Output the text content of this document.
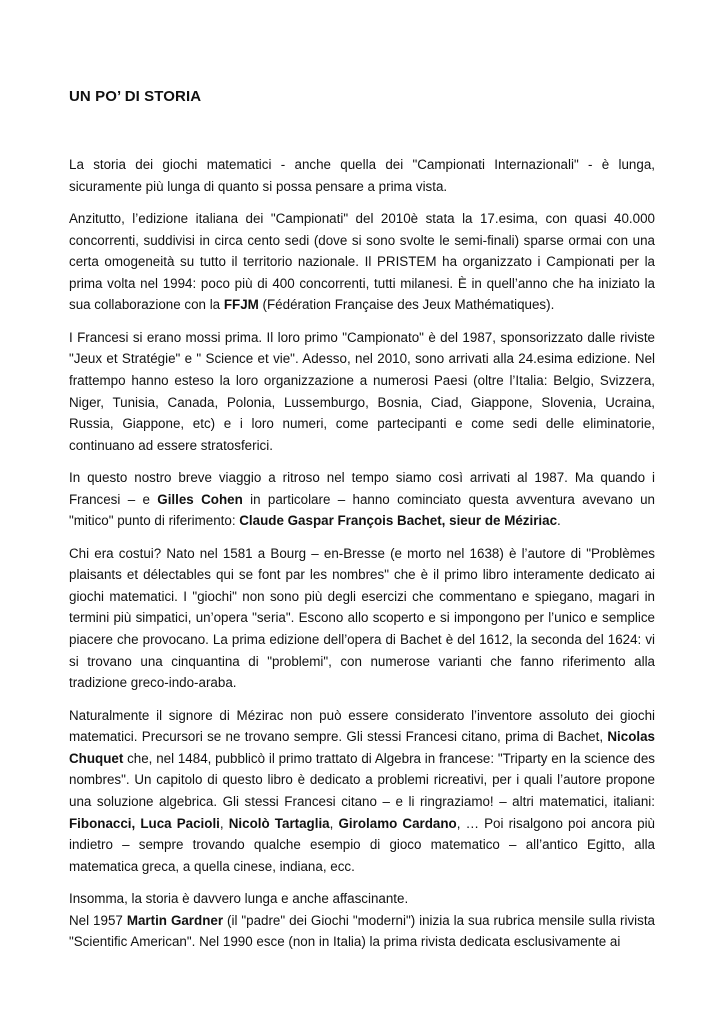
UN PO’ DI STORIA

La storia dei giochi matematici - anche quella dei "Campionati Internazionali" - è lunga, sicuramente più lunga di quanto si possa pensare a prima vista.

Anzitutto, l’edizione italiana dei "Campionati" del 2010è stata la 17.esima, con quasi 40.000 concorrenti, suddivisi in circa cento sedi (dove si sono svolte le semi-finali) sparse ormai con una certa omogeneità su tutto il territorio nazionale. Il PRISTEM ha organizzato i Campionati per la prima volta nel 1994: poco più di 400 concorrenti, tutti milanesi. È in quell’anno che ha iniziato la sua collaborazione con la FFJM (Fédération Française des Jeux Mathématiques).

I Francesi si erano mossi prima. Il loro primo "Campionato" è del 1987, sponsorizzato dalle riviste "Jeux et Stratégie" e " Science et vie". Adesso, nel 2010, sono arrivati alla 24.esima edizione. Nel frattempo hanno esteso la loro organizzazione a numerosi Paesi (oltre l’Italia: Belgio, Svizzera, Niger, Tunisia, Canada, Polonia, Lussemburgo, Bosnia, Ciad, Giappone, Slovenia, Ucraina, Russia, Giappone, etc) e i loro numeri, come partecipanti e come sedi delle eliminatorie, continuano ad essere stratosferici.

In questo nostro breve viaggio a ritroso nel tempo siamo così arrivati al 1987. Ma quando i Francesi – e Gilles Cohen in particolare – hanno cominciato questa avventura avevano un "mitico" punto di riferimento: Claude Gaspar François Bachet, sieur de Méziriac.

Chi era costui? Nato nel 1581 a Bourg – en-Bresse (e morto nel 1638) è l’autore di "Problèmes plaisants et délectables qui se font par les nombres" che è il primo libro interamente dedicato ai giochi matematici. I "giochi" non sono più degli esercizi che commentano e spiegano, magari in termini più simpatici, un’opera "seria". Escono allo scoperto e si impongono per l’unico e semplice piacere che provocano. La prima edizione dell’opera di Bachet è del 1612, la seconda del 1624: vi si trovano una cinquantina di "problemi", con numerose varianti che fanno riferimento alla tradizione greco-indo-araba.

Naturalmente il signore di Mézirac non può essere considerato l’inventore assoluto dei giochi matematici. Precursori se ne trovano sempre. Gli stessi Francesi citano, prima di Bachet, Nicolas Chuquet che, nel 1484, pubblicò il primo trattato di Algebra in francese: "Triparty en la science des nombres". Un capitolo di questo libro è dedicato a problemi ricreativi, per i quali l’autore propone una soluzione algebrica. Gli stessi Francesi citano – e li ringraziamo! – altri matematici, italiani: Fibonacci, Luca Pacioli, Nicolò Tartaglia, Girolamo Cardano, … Poi risalgono poi ancora più indietro – sempre trovando qualche esempio di gioco matematico – all’antico Egitto, alla matematica greca, a quella cinese, indiana, ecc.

Insomma, la storia è davvero lunga e anche affascinante.

Nel 1957 Martin Gardner (il "padre" dei Giochi "moderni") inizia la sua rubrica mensile sulla rivista "Scientific American". Nel 1990 esce (non in Italia) la prima rivista dedicata esclusivamente ai
